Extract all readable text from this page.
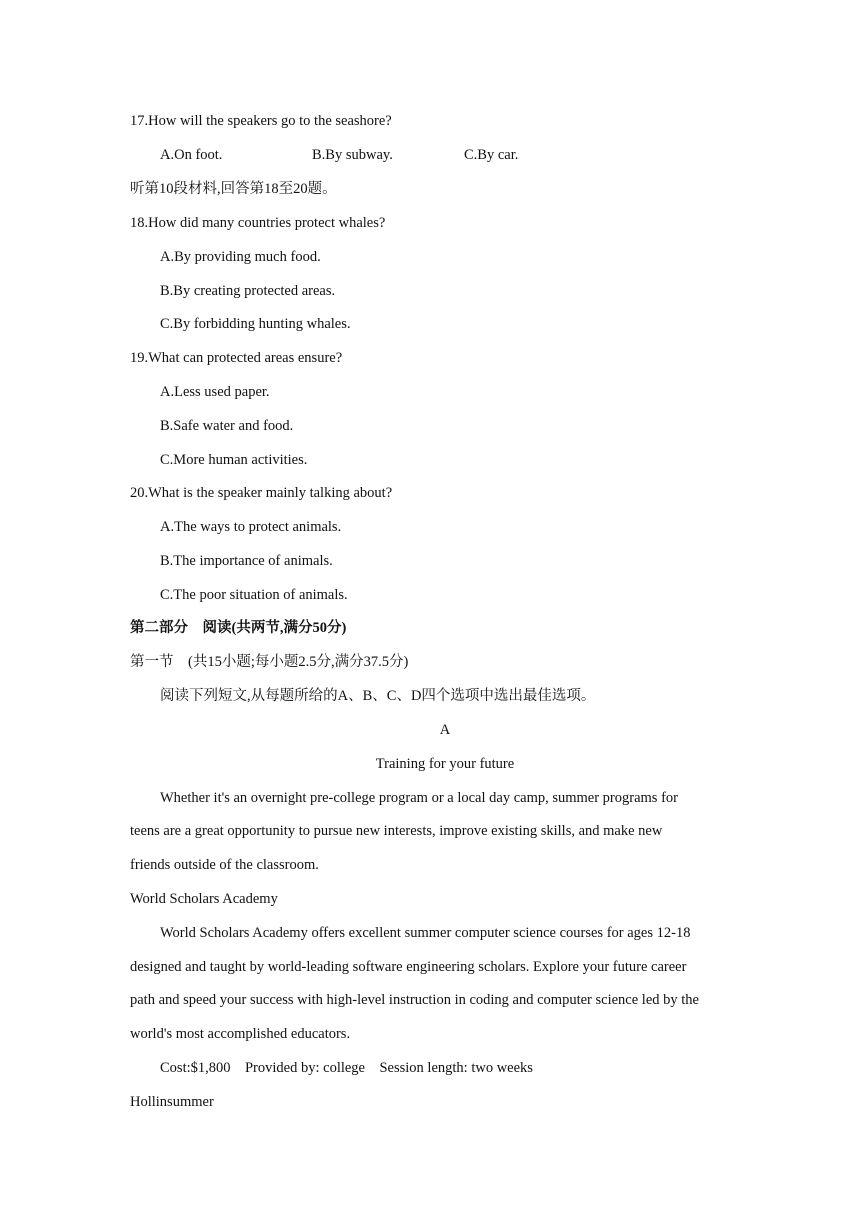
17.How will the speakers go to the seashore?
A.On foot.	B.By subway.	C.By car.
听第10段材料,回答第18至20题。
18.How did many countries protect whales?
A.By providing much food.
B.By creating protected areas.
C.By forbidding hunting whales.
19.What can protected areas ensure?
A.Less used paper.
B.Safe water and food.
C.More human activities.
20.What is the speaker mainly talking about?
A.The ways to protect animals.
B.The importance of animals.
C.The poor situation of animals.
第二部分　阅读(共两节,满分50分)
第一节　(共15小题;每小题2.5分,满分37.5分)
阅读下列短文,从每题所给的A、B、C、D四个选项中选出最佳选项。
A
Training for your future
Whether it's an overnight pre-college program or a local day camp, summer programs for
teens are a great opportunity to pursue new interests, improve existing skills, and make new
friends outside of the classroom.
World Scholars Academy
World Scholars Academy offers excellent summer computer science courses for ages 12-18
designed and taught by world-leading software engineering scholars. Explore your future career
path and speed your success with high-level instruction in coding and computer science led by the
world's most accomplished educators.
Cost:$1,800　Provided by: college　Session length: two weeks
Hollinsummer
